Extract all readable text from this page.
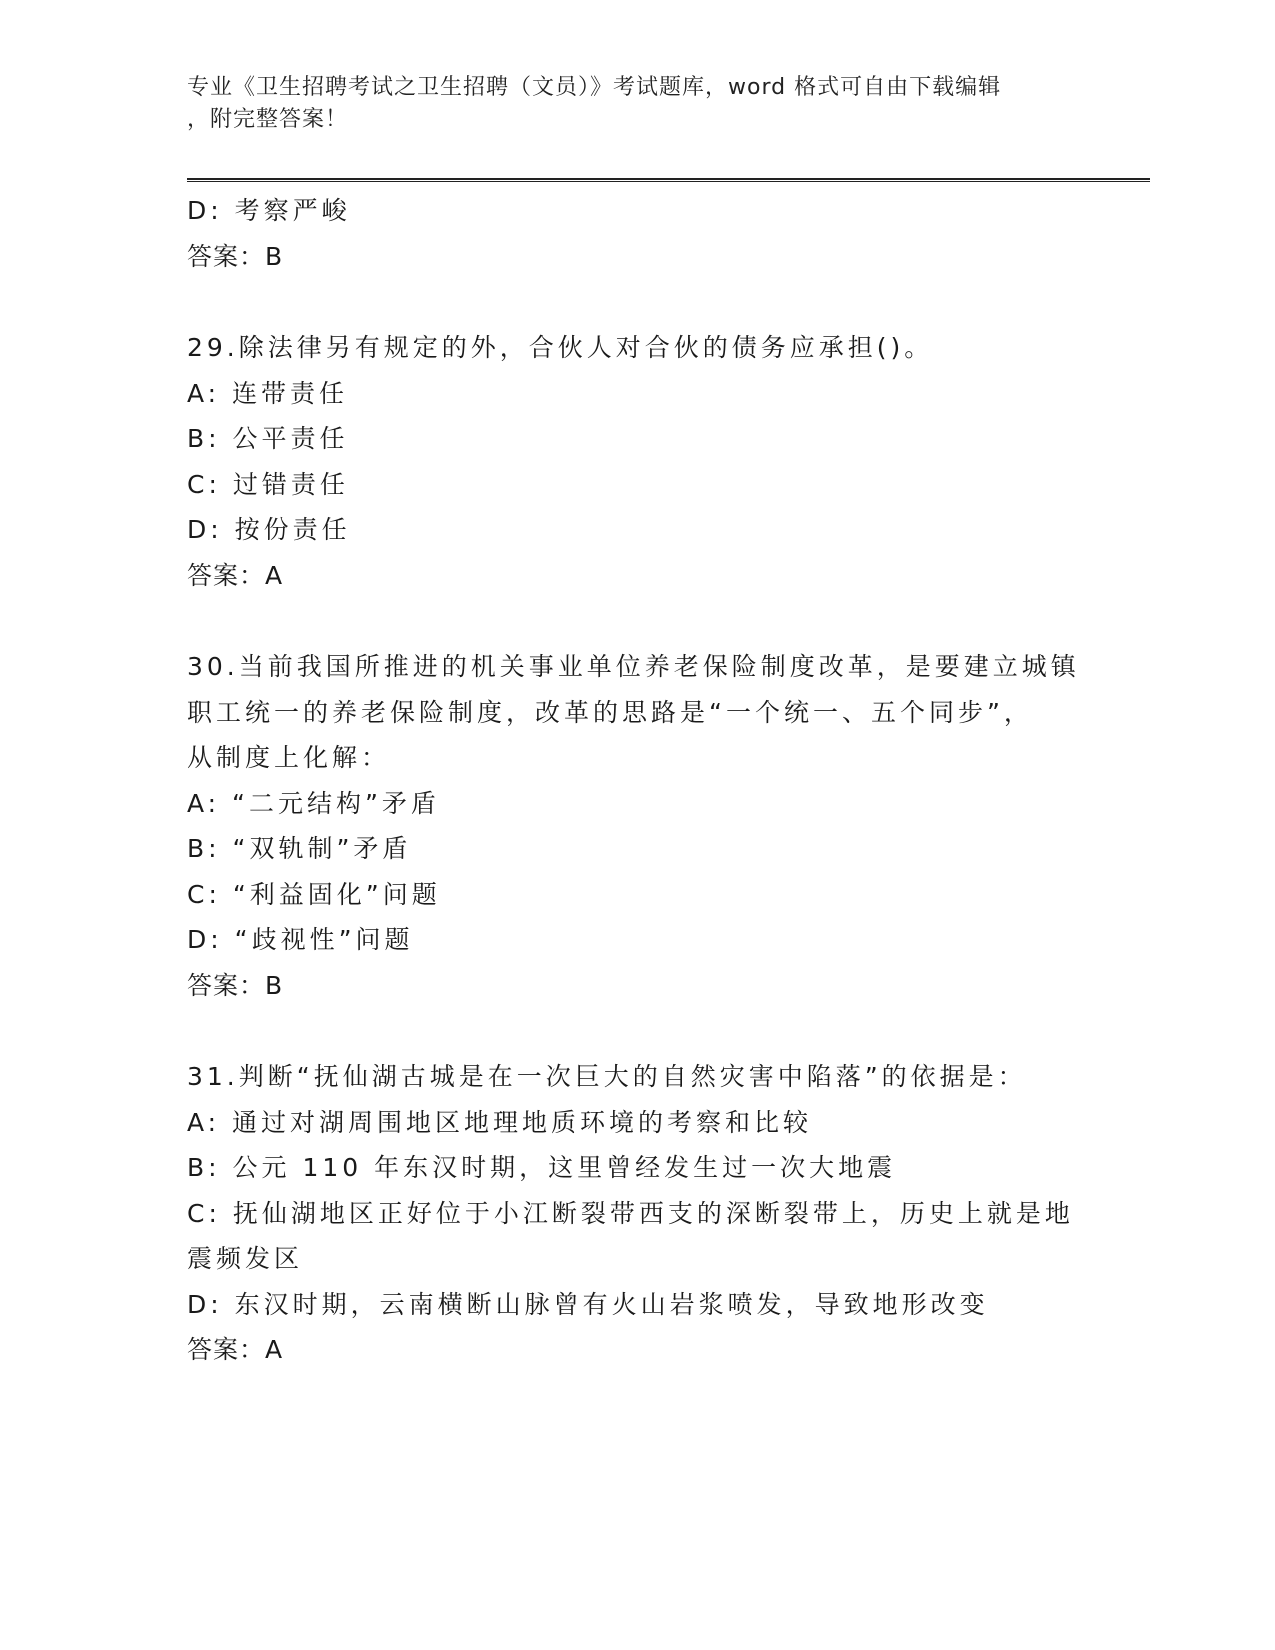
专业《卫生招聘考试之卫生招聘（文员）》考试题库，word 格式可自由下载编辑
，附完整答案！
D: 考察严峻
答案：B
29.除法律另有规定的外，合伙人对合伙的债务应承担()。
A: 连带责任
B: 公平责任
C: 过错责任
D: 按份责任
答案：A
30.当前我国所推进的机关事业单位养老保险制度改革，是要建立城镇
职工统一的养老保险制度，改革的思路是“一个统一、五个同步”，
从制度上化解：
A: “二元结构”矛盾
B: “双轨制”矛盾
C: “利益固化”问题
D: “歧视性”问题
答案：B
31.判断“抚仙湖古城是在一次巨大的自然灾害中陷落”的依据是：
A: 通过对湖周围地区地理地质环境的考察和比较
B: 公元 110 年东汉时期，这里曾经发生过一次大地震
C: 抚仙湖地区正好位于小江断裂带西支的深断裂带上，历史上就是地
震频发区
D: 东汉时期，云南横断山脉曾有火山岩浆喷发，导致地形改变
答案：A
